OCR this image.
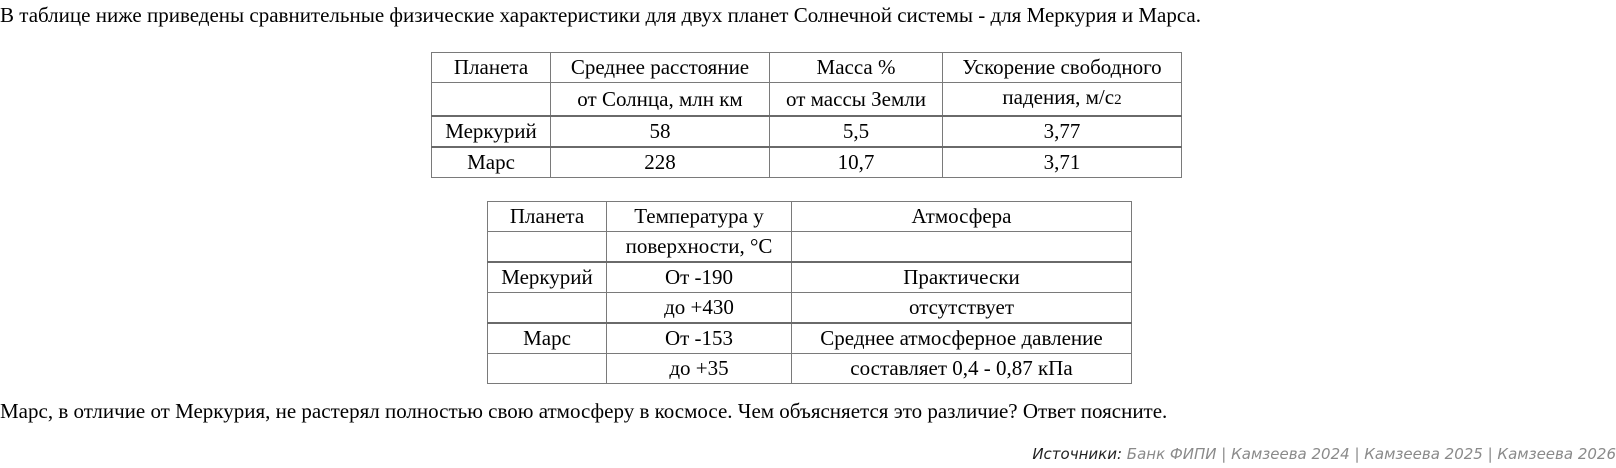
В таблице ниже приведены сравнительные физические характеристики для двух планет Солнечной системы - для Меркурия и Марса.
Планета	Среднее расстояние	Масса %	Ускорение свободного
	от Солнца, млн км	от массы Земли	падения, м/с2
Меркурий	58	5,5	3,77
Марс	228	10,7	3,71
Планета	Температура у	Атмосфера
	поверхности, °C	
Меркурий	От -190	Практически
	до +430	отсутствует
Марс	От -153	Среднее атмосферное давление
	до +35	составляет 0,4 - 0,87 кПа
Марс, в отличие от Меркурия, не растерял полностью свою атмосферу в космосе. Чем объясняется это различие? Ответ поясните.
Источники: Банк ФИПИ | Камзеева 2024 | Камзеева 2025 | Камзеева 2026
